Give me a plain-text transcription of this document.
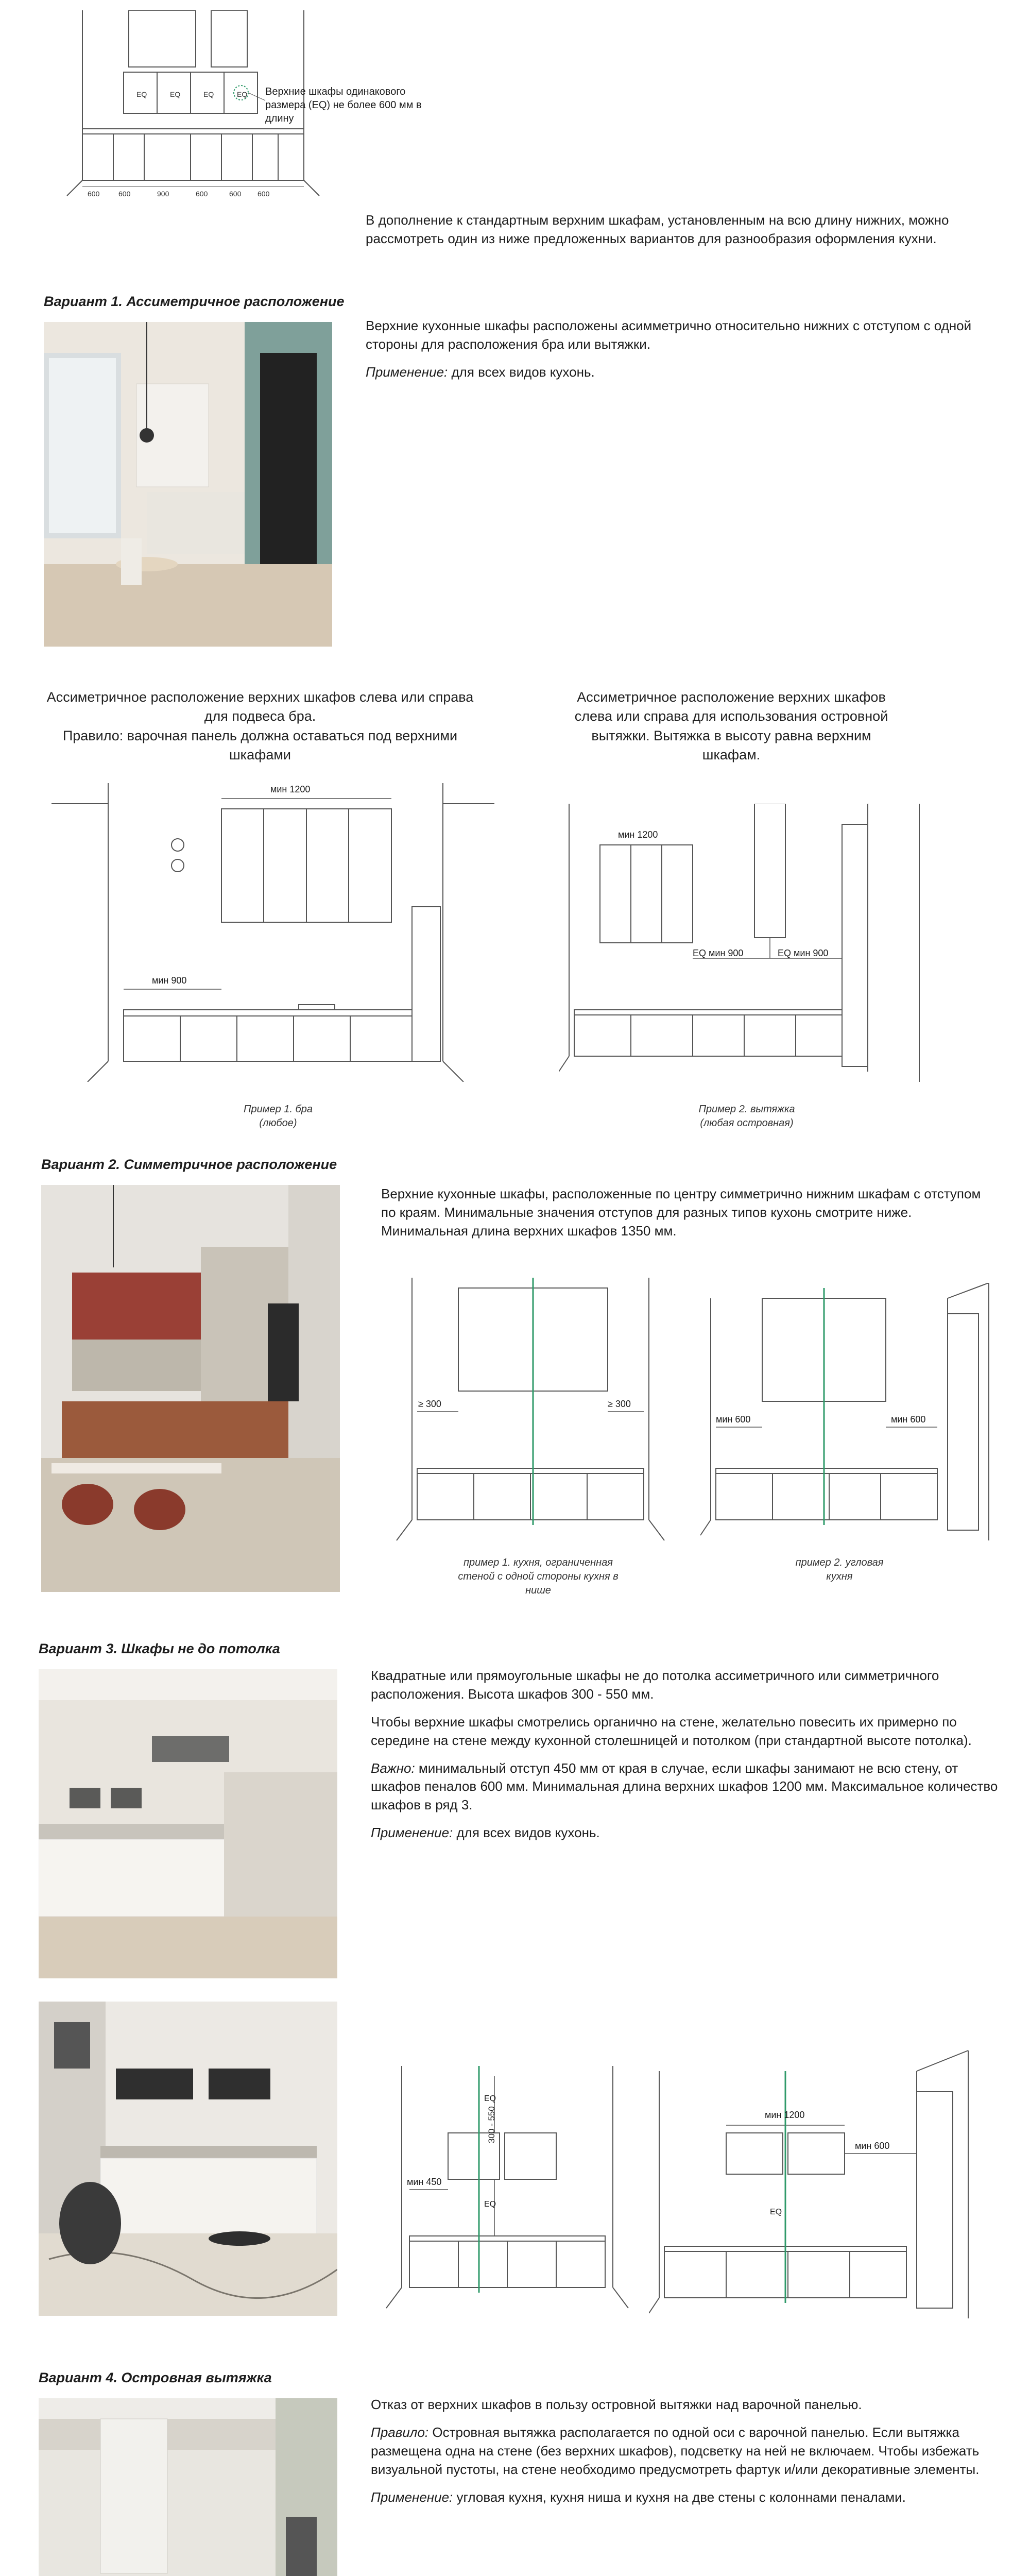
EQ	EQ	EQ	EQ
600	600	900	600	600 600
Верхние шкафы одинакового размера (EQ) не более 600 мм в длину
В дополнение к стандартным верхним шкафам, установленным на всю длину нижних, можно рассмотреть один из ниже предложенных вариантов для разнообразия оформления кухни.
Вариант 1. Ассиметричное расположение

Верхние кухонные шкафы расположены асимметрично относительно нижних с отступом с одной стороны для расположения бра или вытяжки.

Применение: для всех видов кухонь.

Ассиметричное расположение верхних шкафов слева или справа для подвеса бра.
Правило: варочная панель должна оставаться под верхними шкафами
Ассиметричное расположение верхних шкафов слева или справа для использования островной вытяжки. Вытяжка в высоту равна верхним шкафам.
мин 1200
мин 900
Пример 1. бра (любое)
мин 1200
EQ мин 900	EQ мин 900
Пример 2. вытяжка (любая островная)
Вариант 2. Симметричное расположение
Верхние кухонные шкафы, расположенные по центру симметрично нижним шкафам с отступом по краям. Минимальные значения отступов для разных типов кухонь смотрите ниже. Минимальная длина верхних шкафов 1350 мм.
≥ 300	≥ 300
пример 1. кухня, ограниченная стеной с одной стороны кухня в нише
мин 600	мин 600
пример 2. угловая кухня
Вариант 3. Шкафы не до потолка

Квадратные или прямоугольные шкафы не до потолка ассиметричного или симметричного расположения. Высота шкафов 300 - 550 мм.

Чтобы верхние шкафы смотрелись органично на стене, желательно повесить их примерно по середине на стене между кухонной столешницей и потолком (при стандартной высоте потолка).

Важно: минимальный отступ 450 мм от края в случае, если шкафы занимают не всю стену, от шкафов пеналов 600 мм. Минимальная длина верхних шкафов 1200 мм. Максимальное количество шкафов в ряд 3.

Применение: для всех видов кухонь.

мин 450
300 - 550
EQ
EQ
мин 1200
мин 600
EQ
Вариант 4. Островная вытяжка

Отказ от верхних шкафов в пользу островной вытяжки над варочной панелью.

Правило: Островная вытяжка располагается по одной оси с варочной панелью. Если вытяжка размещена одна на стене (без верхних шкафов), подсветку на ней не включаем. Чтобы избежать визуальной пустоты, на стене необходимо предусмотреть фартук и/или декоративные элементы.

Применение: угловая кухня, кухня ниша и кухня на две стены с колоннами пеналами.
